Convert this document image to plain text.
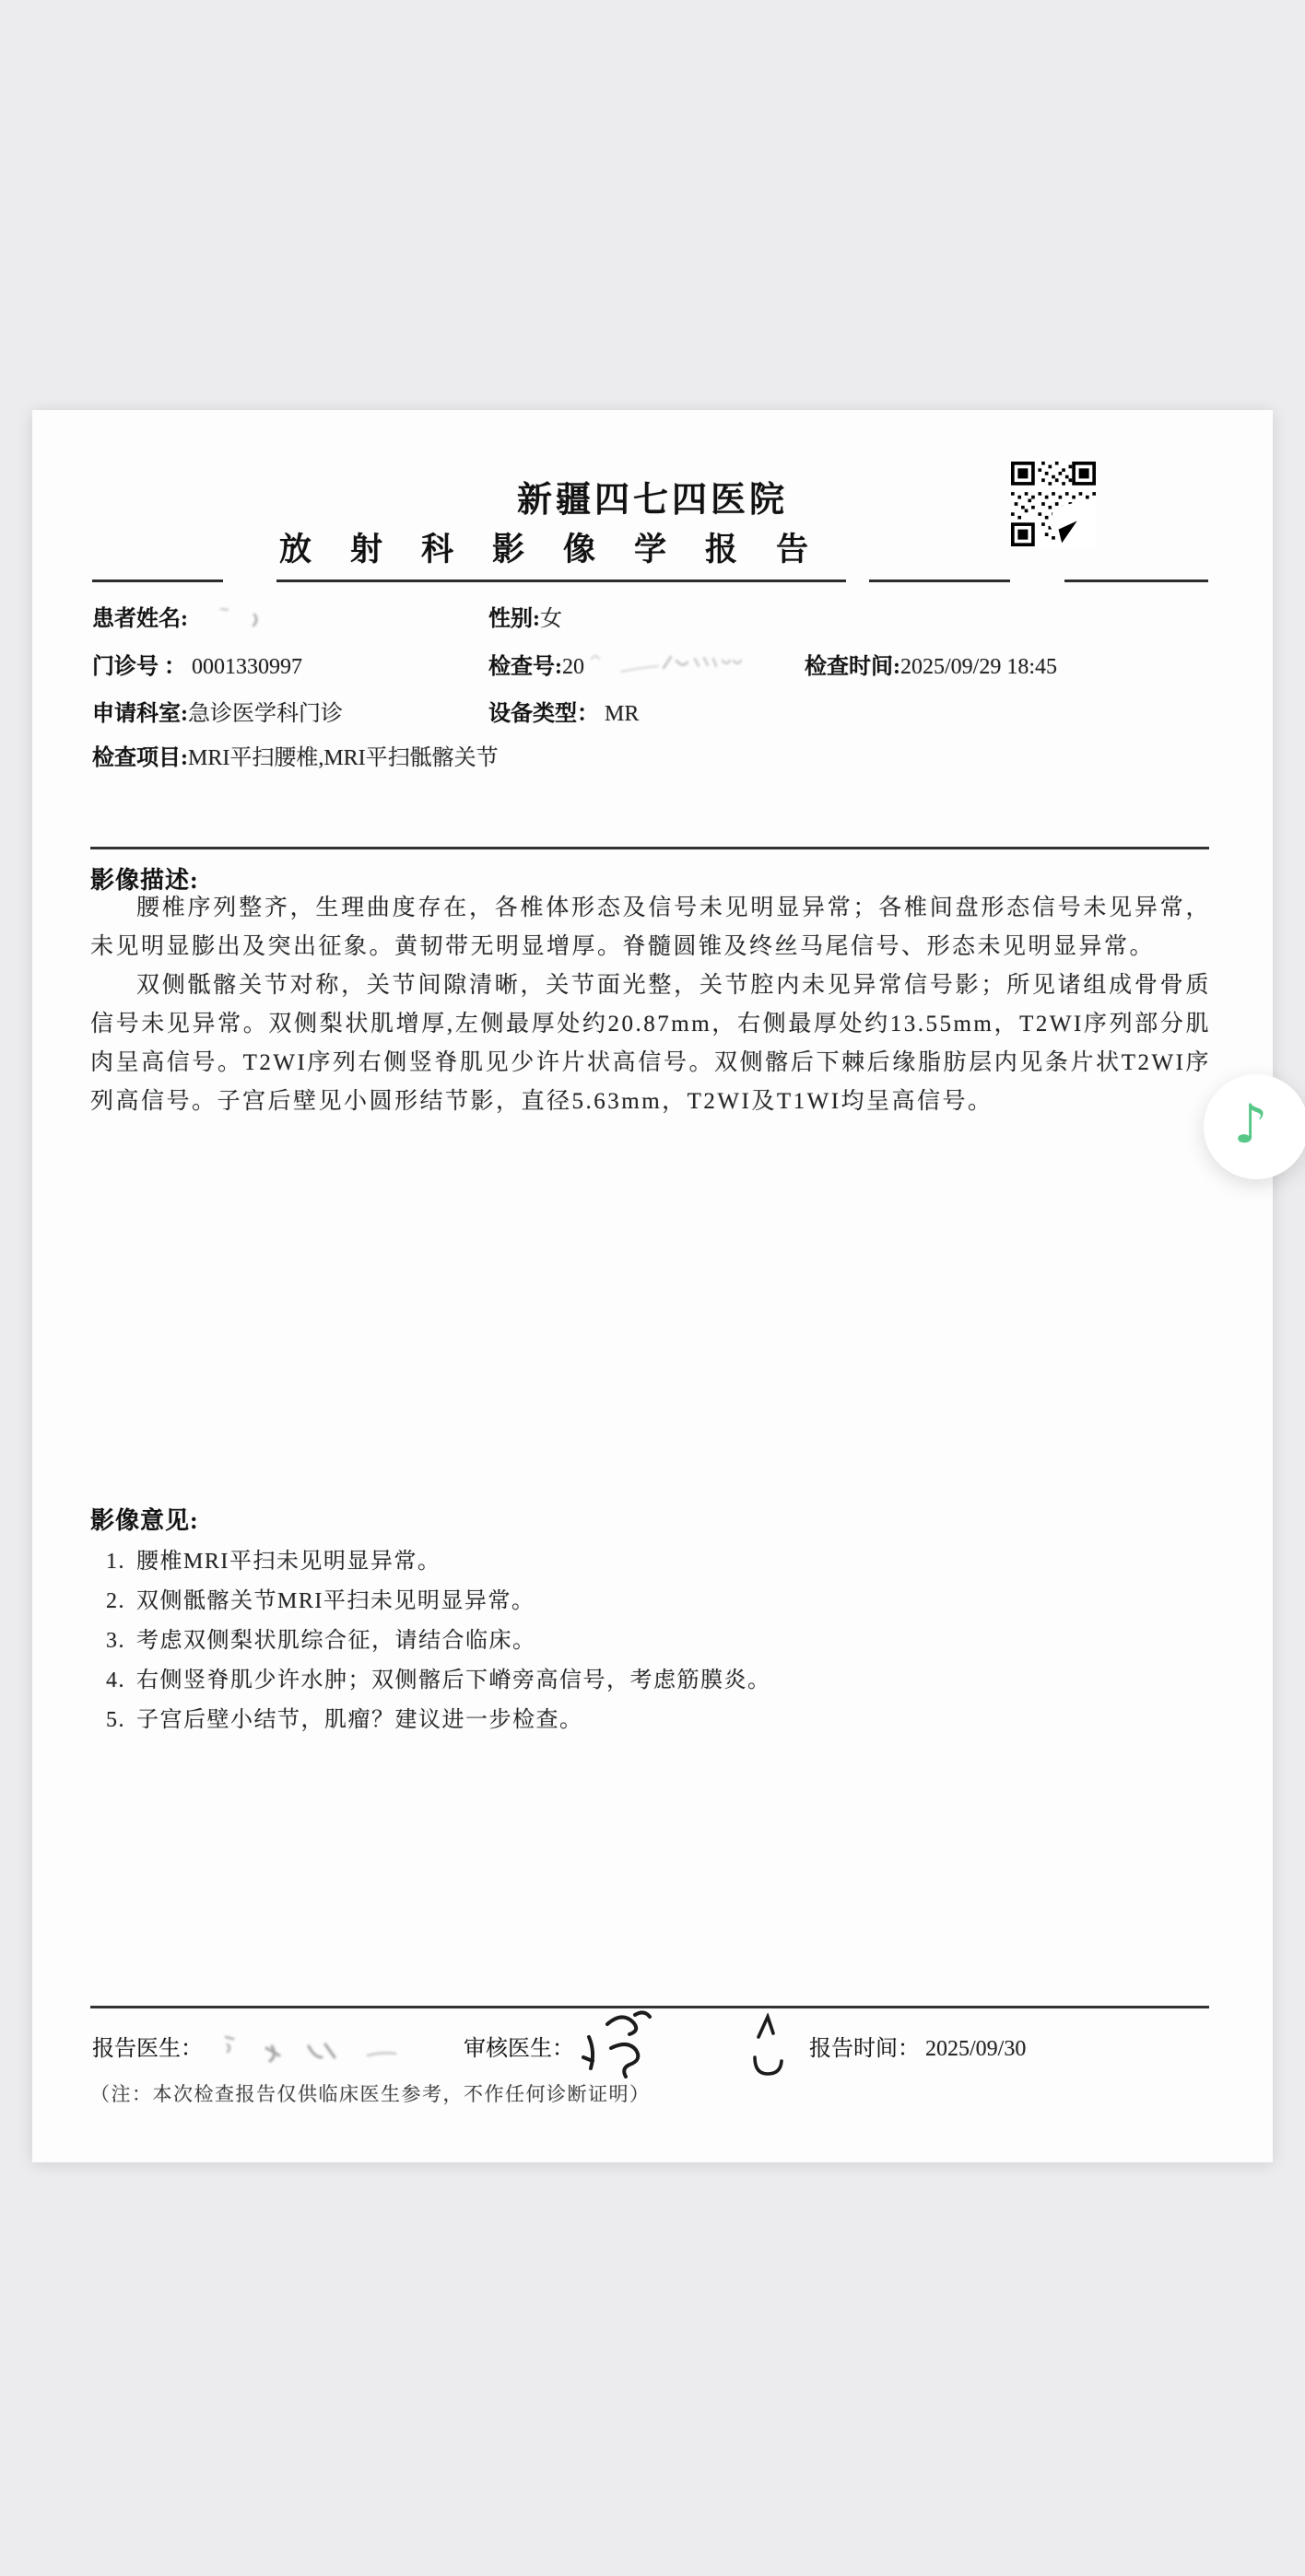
新疆四七四医院
放射科影像学报告
患者姓名:	性别:女
门诊号 ： 0001330997	检查号:20	检查时间:2025/09/29 18:45
申请科室:急诊医学科门诊	设备类型： MR
检查项目:MRI平扫腰椎,MRI平扫骶髂关节
影像描述:

腰椎序列整齐，生理曲度存在，各椎体形态及信号未见明显异常；各椎间盘形态信号未见异常，未见明显膨出及突出征象。黄韧带无明显增厚。脊髓圆锥及终丝马尾信号、形态未见明显异常。

双侧骶髂关节对称，关节间隙清晰，关节面光整，关节腔内未见异常信号影；所见诸组成骨骨质信号未见异常。双侧梨状肌增厚,左侧最厚处约20.87mm，右侧最厚处约13.55mm，T2WI序列部分肌肉呈高信号。T2WI序列右侧竖脊肌见少许片状高信号。双侧髂后下棘后缘脂肪层内见条片状T2WI序列高信号。子宫后壁见小圆形结节影，直径5.63mm，T2WI及T1WI均呈高信号。

影像意见:
1. 腰椎MRI平扫未见明显异常。
2. 双侧骶髂关节MRI平扫未见明显异常。
3. 考虑双侧梨状肌综合征，请结合临床。
4. 右侧竖脊肌少许水肿；双侧髂后下嵴旁高信号，考虑筋膜炎。
5. 子宫后壁小结节，肌瘤？建议进一步检查。
报告医生：	审核医生：	报告时间： 2025/09/30
（注：本次检查报告仅供临床医生参考，不作任何诊断证明）
♪
